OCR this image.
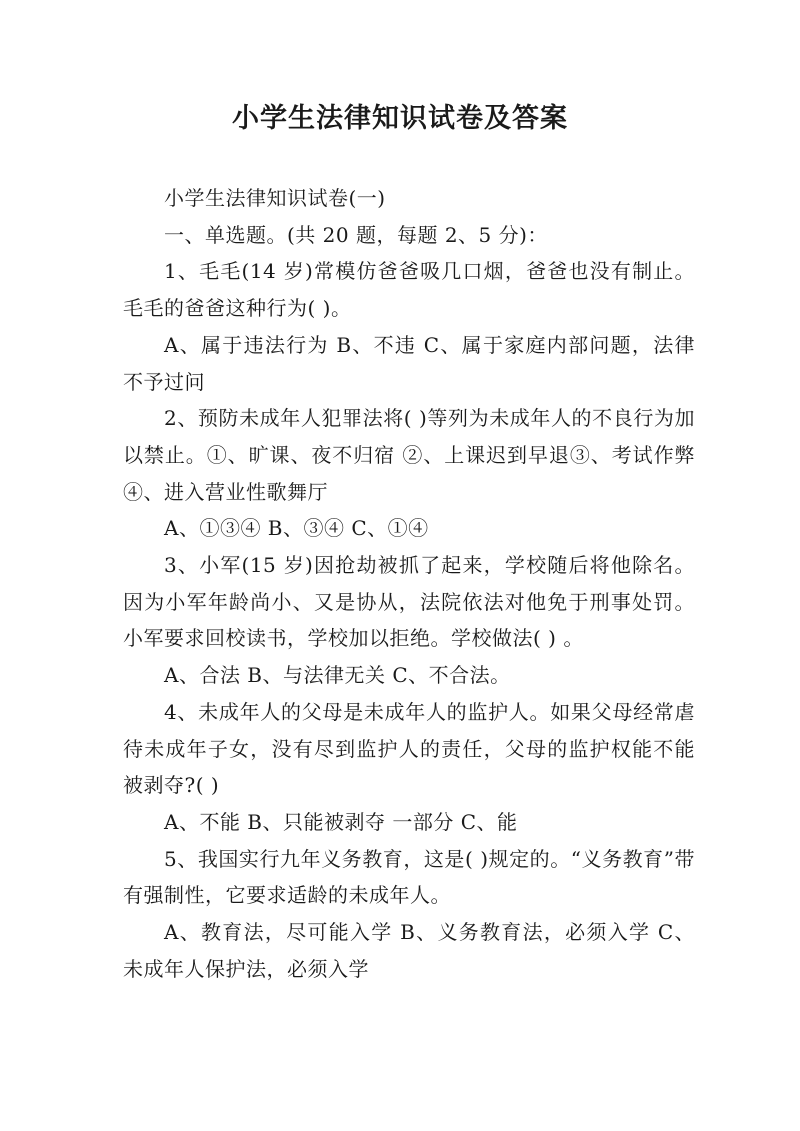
小学生法律知识试卷及答案

小学生法律知识试卷(一)

一、单选题。(共 20 题，每题 2、5 分)：

1、毛毛(14 岁)常模仿爸爸吸几口烟，爸爸也没有制止。毛毛的爸爸这种行为( )。

A、属于违法行为 B、不违 C、属于家庭内部问题，法律不予过问

2、预防未成年人犯罪法将( )等列为未成年人的不良行为加以禁止。①、旷课、夜不归宿 ②、上课迟到早退③、考试作弊④、进入营业性歌舞厅

A、①③④ B、③④ C、①④

3、小军(15 岁)因抢劫被抓了起来，学校随后将他除名。因为小军年龄尚小、又是协从，法院依法对他免于刑事处罚。小军要求回校读书，学校加以拒绝。学校做法( ) 。

A、合法 B、与法律无关 C、不合法。

4、未成年人的父母是未成年人的监护人。如果父母经常虐待未成年子女，没有尽到监护人的责任，父母的监护权能不能被剥夺?( )

A、不能 B、只能被剥夺 一部分 C、能

5、我国实行九年义务教育，这是( )规定的。“义务教育”带有强制性，它要求适龄的未成年人。

A、教育法，尽可能入学 B、义务教育法，必须入学 C、未成年人保护法，必须入学
